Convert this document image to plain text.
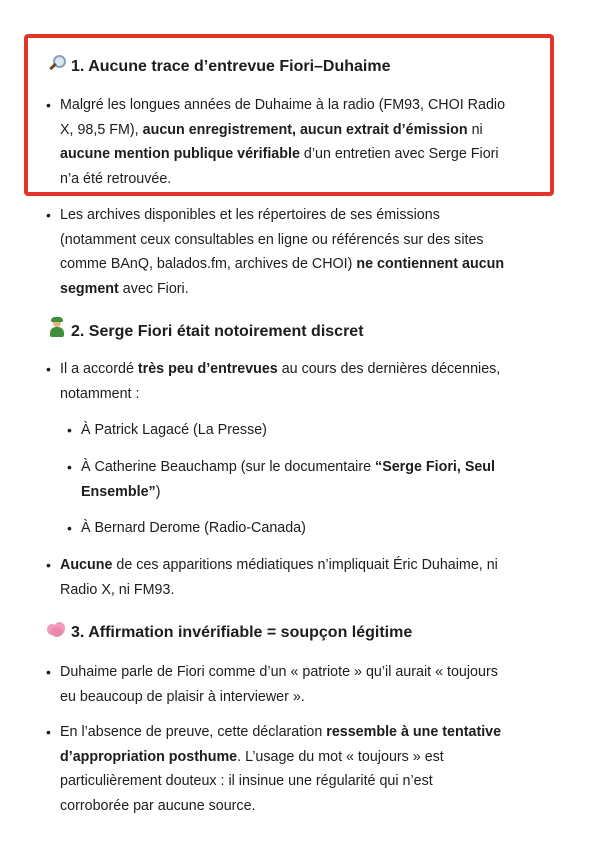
1. Aucune trace d’entrevue Fiori–Duhaime
• Malgré les longues années de Duhaime à la radio (FM93, CHOI Radio
X, 98,5 FM), aucun enregistrement, aucun extrait d’émission ni
aucune mention publique vérifiable d’un entretien avec Serge Fiori
n’a été retrouvée.
• Les archives disponibles et les répertoires de ses émissions
(notamment ceux consultables en ligne ou référencés sur des sites
comme BAnQ, balados.fm, archives de CHOI) ne contiennent aucun
segment avec Fiori.
2. Serge Fiori était notoirement discret
• Il a accordé très peu d’entrevues au cours des dernières décennies,
notamment :
• À Patrick Lagacé (La Presse)
• À Catherine Beauchamp (sur le documentaire “Serge Fiori, Seul
Ensemble”)
• À Bernard Derome (Radio-Canada)
• Aucune de ces apparitions médiatiques n’impliquait Éric Duhaime, ni
Radio X, ni FM93.
3. Affirmation invérifiable = soupçon légitime
• Duhaime parle de Fiori comme d’un « patriote » qu’il aurait « toujours
eu beaucoup de plaisir à interviewer ».
• En l’absence de preuve, cette déclaration ressemble à une tentative
d’appropriation posthume. L’usage du mot « toujours » est
particulièrement douteux : il insinue une régularité qui n’est
corroborée par aucune source.
